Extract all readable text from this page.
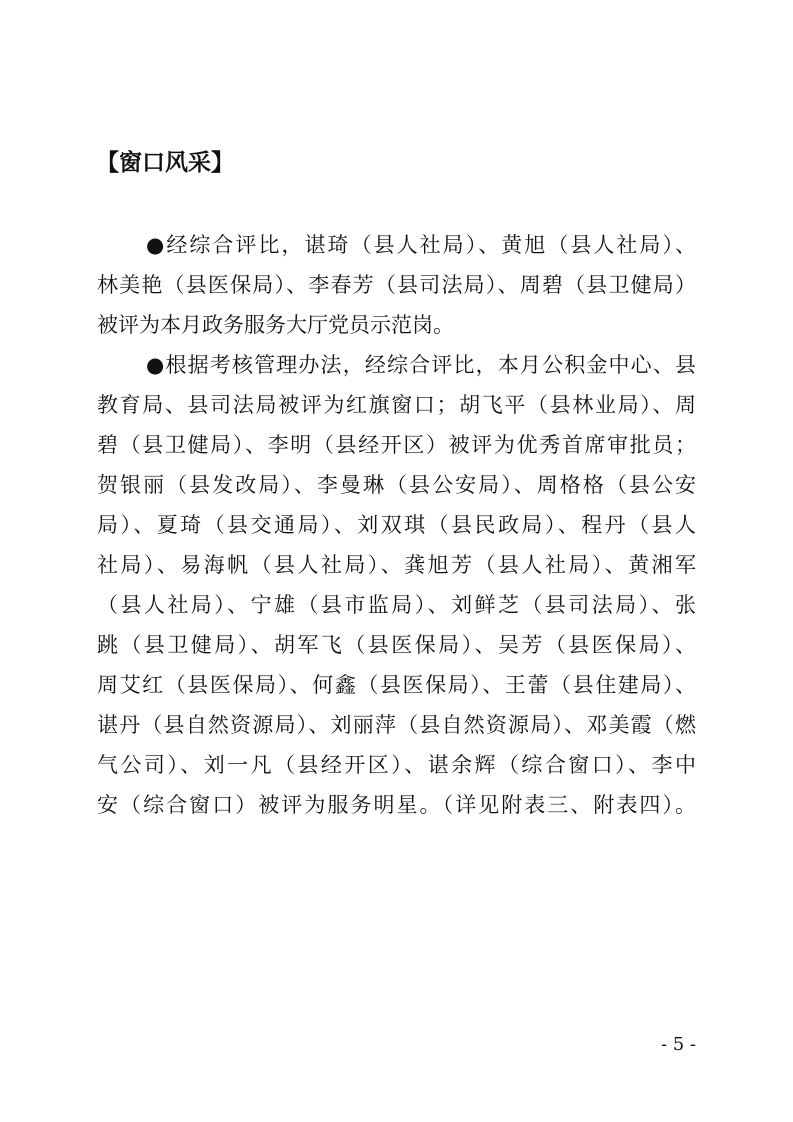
【窗口风采】
●经综合评比，谌琦（县人社局）、黄旭（县人社局）、
林美艳（县医保局）、李春芳（县司法局）、周碧（县卫健局）
被评为本月政务服务大厅党员示范岗。
●根据考核管理办法，经综合评比，本月公积金中心、县
教育局、县司法局被评为红旗窗口；胡飞平（县林业局）、周
碧（县卫健局）、李明（县经开区）被评为优秀首席审批员；
贺银丽（县发改局）、李曼琳（县公安局）、周格格（县公安
局）、夏琦（县交通局）、刘双琪（县民政局）、程丹（县人
社局）、易海帆（县人社局）、龚旭芳（县人社局）、黄湘军
（县人社局）、宁雄（县市监局）、刘鲜芝（县司法局）、张
跳（县卫健局）、胡军飞（县医保局）、吴芳（县医保局）、
周艾红（县医保局）、何鑫（县医保局）、王蕾（县住建局）、
谌丹（县自然资源局）、刘丽萍（县自然资源局）、邓美霞（燃
气公司）、刘一凡（县经开区）、谌余辉（综合窗口）、李中
安（综合窗口）被评为服务明星。（详见附表三、附表四）。
- 5 -
